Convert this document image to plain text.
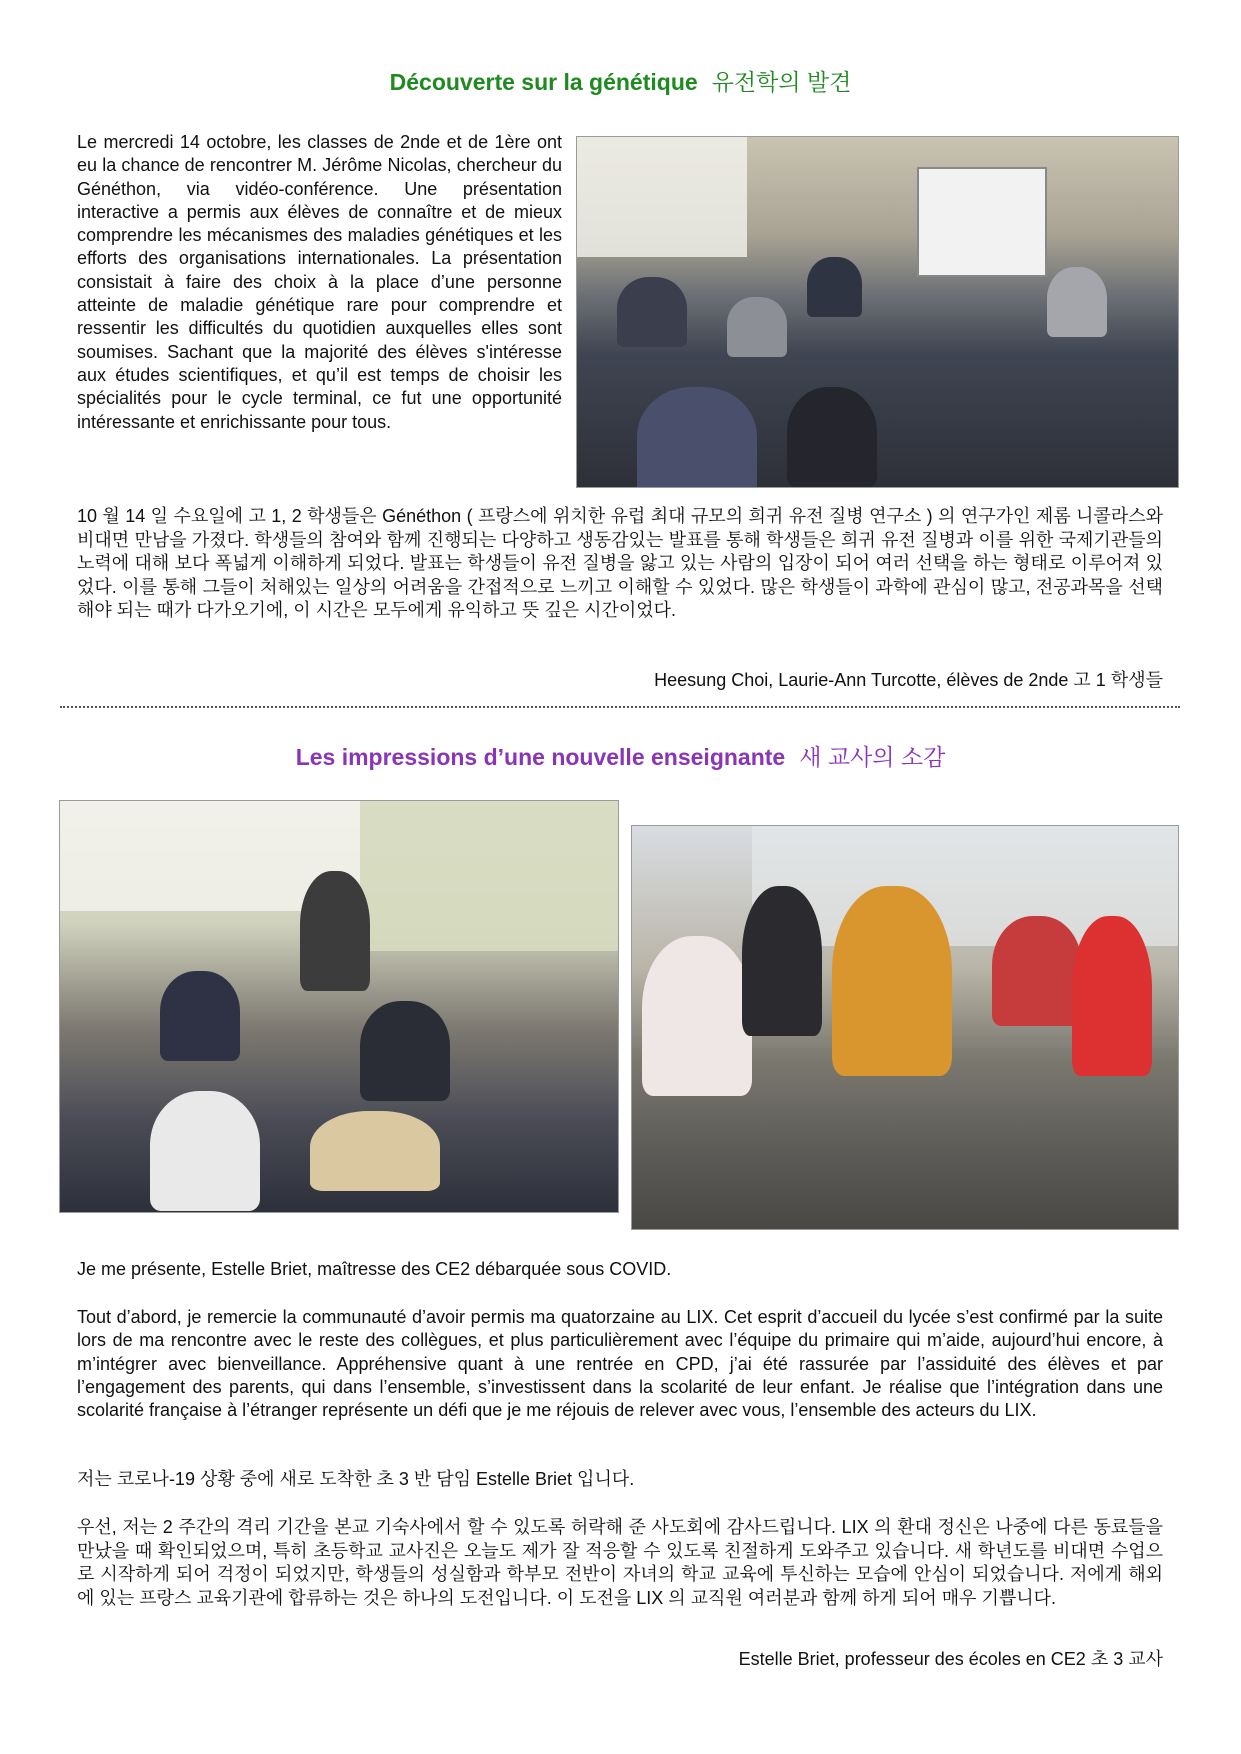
Découverte sur la génétique 유전학의 발견

Le mercredi 14 octobre, les classes de 2nde et de 1ère ont eu la chance de rencontrer M. Jérôme Nicolas, chercheur du Généthon, via vidéo-conférence. Une présentation interactive a permis aux élèves de connaître et de mieux comprendre les mécanismes des maladies génétiques et les efforts des organisations internationales. La présentation consistait à faire des choix à la place d’une personne atteinte de maladie génétique rare pour comprendre et ressentir les difficultés du quotidien auxquelles elles sont soumises. Sachant que la majorité des élèves s'intéresse aux études scientifiques, et qu’il est temps de choisir les spécialités pour le cycle terminal, ce fut une opportunité intéressante et enrichissante pour tous.

10 월 14 일 수요일에 고 1, 2 학생들은 Généthon ( 프랑스에 위치한 유럽 최대 규모의 희귀 유전 질병 연구소 ) 의 연구가인 제롬 니콜라스와 비대면 만남을 가졌다. 학생들의 참여와 함께 진행되는 다양하고 생동감있는 발표를 통해 학생들은 희귀 유전 질병과 이를 위한 국제기관들의 노력에 대해 보다 폭넓게 이해하게 되었다. 발표는 학생들이 유전 질병을 앓고 있는 사람의 입장이 되어 여러 선택을 하는 형태로 이루어져 있었다. 이를 통해 그들이 처해있는 일상의 어려움을 간접적으로 느끼고 이해할 수 있었다. 많은 학생들이 과학에 관심이 많고, 전공과목을 선택해야 되는 때가 다가오기에, 이 시간은 모두에게 유익하고 뜻 깊은 시간이었다.

Heesung Choi, Laurie-Ann Turcotte, élèves de 2nde 고 1 학생들
Les impressions d’une nouvelle enseignante 새 교사의 소감

Je me présente, Estelle Briet, maîtresse des CE2 débarquée sous COVID.

Tout d’abord, je remercie la communauté d’avoir permis ma quatorzaine au LIX. Cet esprit d’accueil du lycée s’est confirmé par la suite lors de ma rencontre avec le reste des collègues, et plus particulièrement avec l’équipe du primaire qui m’aide, aujourd’hui encore, à m’intégrer avec bienveillance. Appréhensive quant à une rentrée en CPD, j’ai été rassurée par l’assiduité des élèves et par l’engagement des parents, qui dans l’ensemble, s’investissent dans la scolarité de leur enfant. Je réalise que l’intégration dans une scolarité française à l’étranger représente un défi que je me réjouis de relever avec vous, l’ensemble des acteurs du LIX.

저는 코로나-19 상황 중에 새로 도착한 초 3 반 담임 Estelle Briet 입니다.

우선, 저는 2 주간의 격리 기간을 본교 기숙사에서 할 수 있도록 허락해 준 사도회에 감사드립니다. LIX 의 환대 정신은 나중에 다른 동료들을 만났을 때 확인되었으며, 특히 초등학교 교사진은 오늘도 제가 잘 적응할 수 있도록 친절하게 도와주고 있습니다. 새 학년도를 비대면 수업으로 시작하게 되어 걱정이 되었지만, 학생들의 성실함과 학부모 전반이 자녀의 학교 교육에 투신하는 모습에 안심이 되었습니다. 저에게 해외에 있는 프랑스 교육기관에 합류하는 것은 하나의 도전입니다. 이 도전을 LIX 의 교직원 여러분과 함께 하게 되어 매우 기쁩니다.

Estelle Briet, professeur des écoles en CE2 초 3 교사
